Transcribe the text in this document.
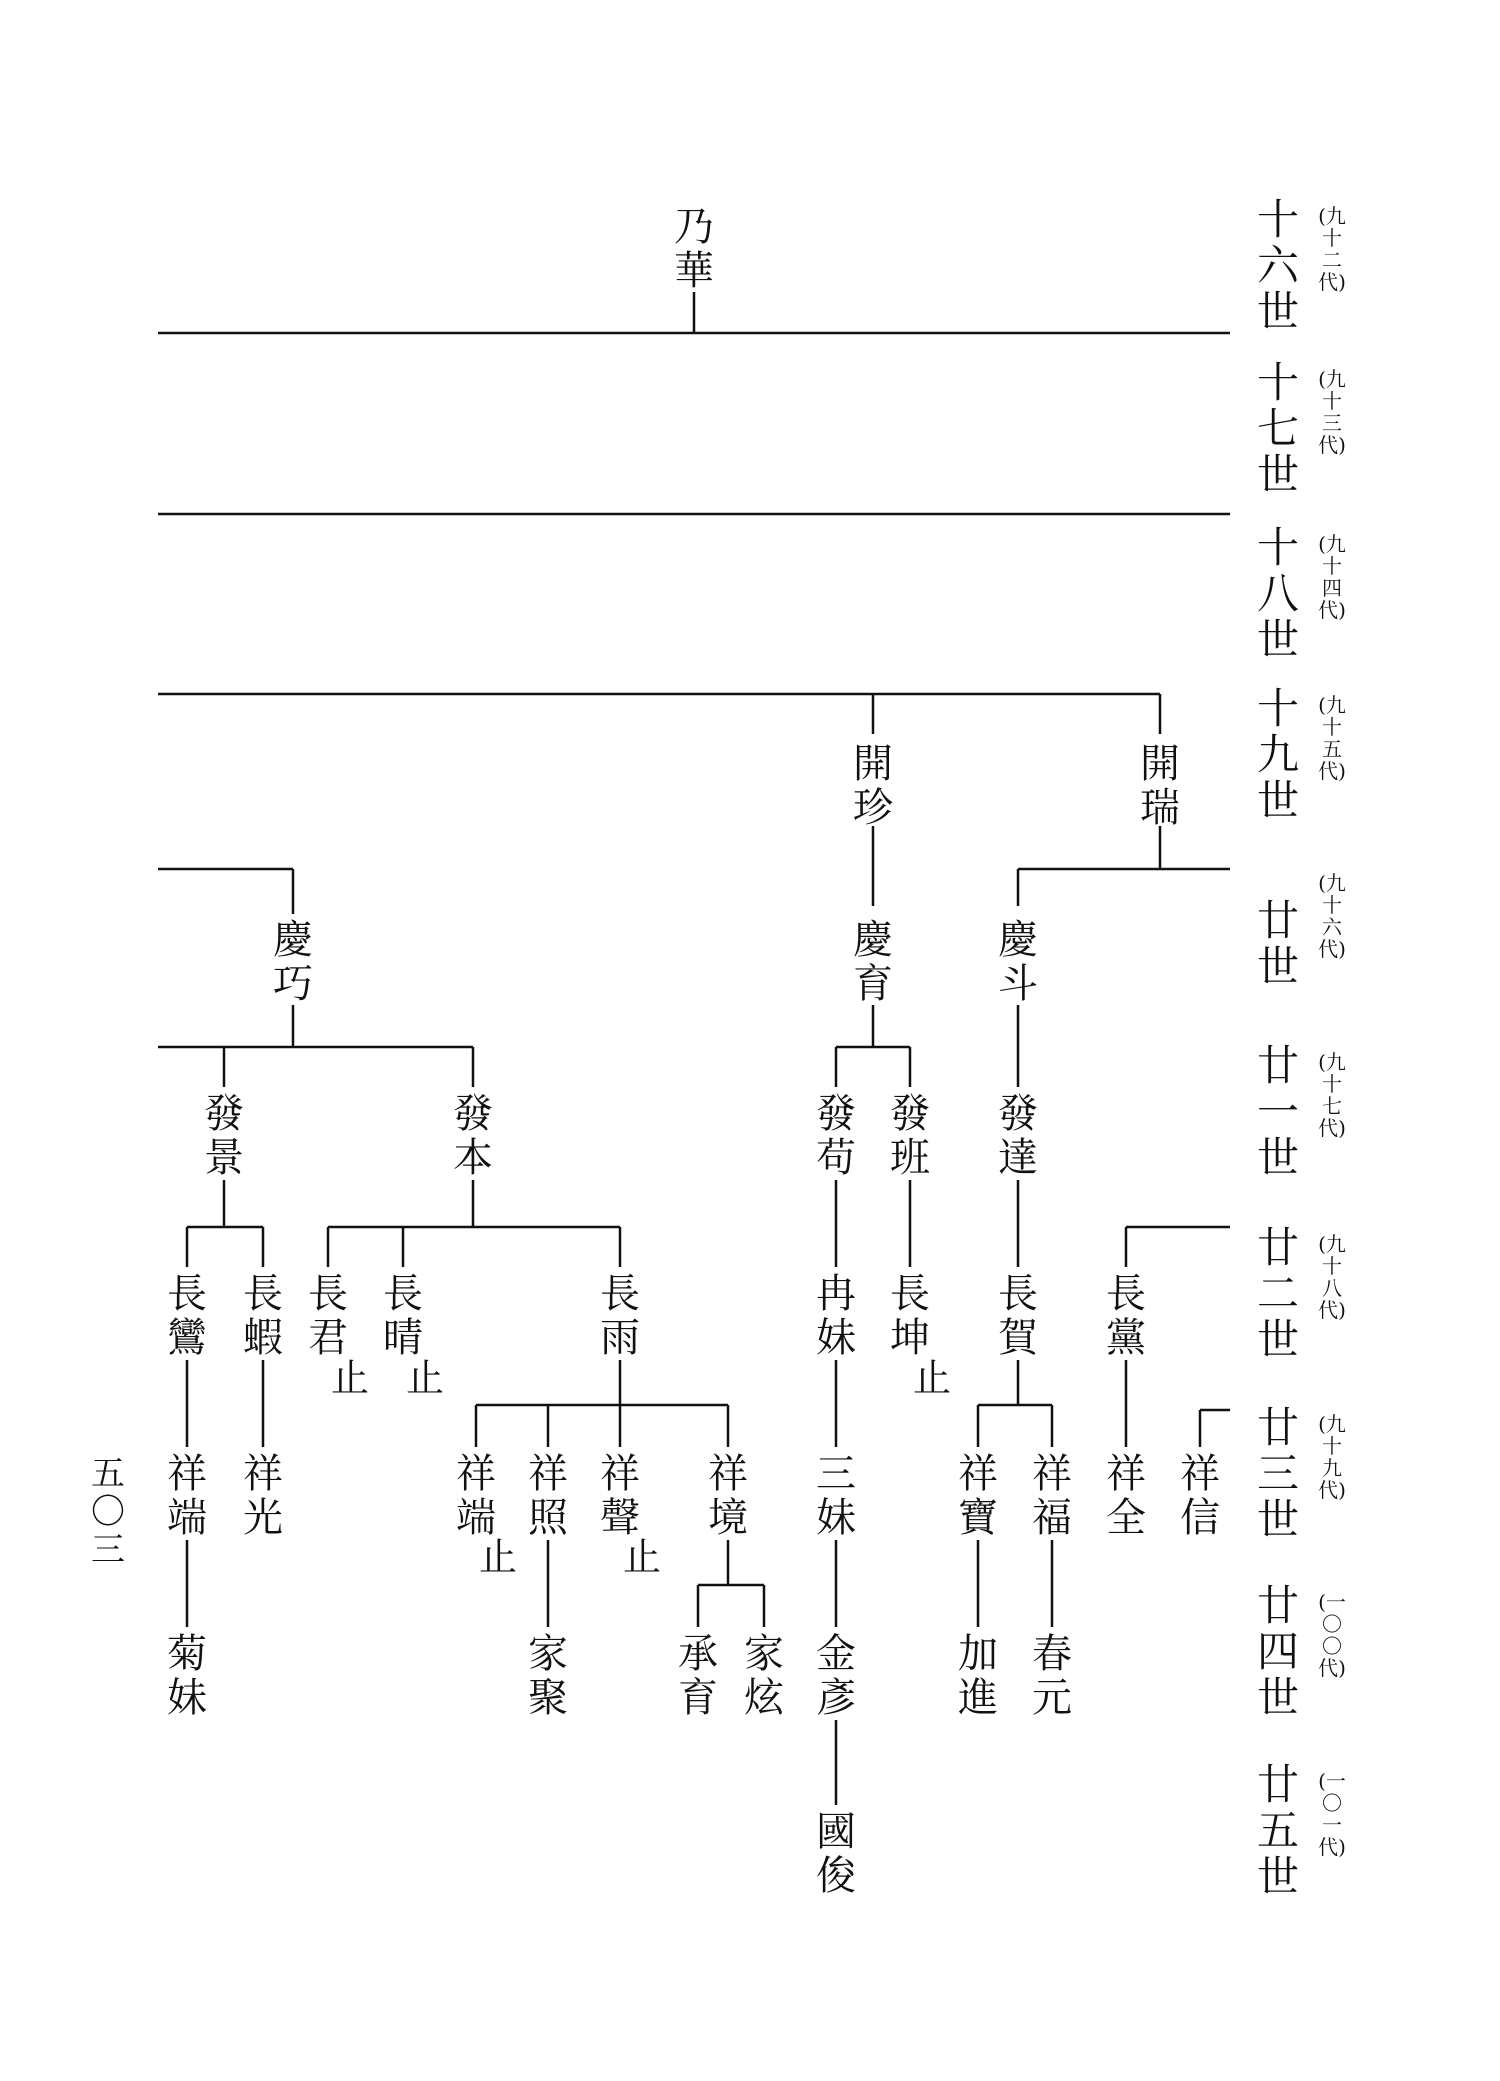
十六世
(九十二代)
十七世
(九十三代)
十八世
(九十四代)
十九世
(九十五代)
廿世
(九十六代)
廿一世
(九十七代)
廿二世
(九十八代)
廿三世
(九十九代)
廿四世
(一〇〇代)
廿五世
(一〇一代)
乃華
開瑞
開珍
慶巧
慶育
慶斗
發景
發本
發苟
發班
發達
長鸞
長蝦
長君
止
長晴
止
長雨
冉妹
長坤
止
長賀
長黨
祥端
祥光
祥端
止
祥照
祥聲
止
祥境
三妹
祥寶
祥福
祥全
祥信
菊妹
家聚
承育
家炫
金彥
加進
春元
國俊
五〇三
